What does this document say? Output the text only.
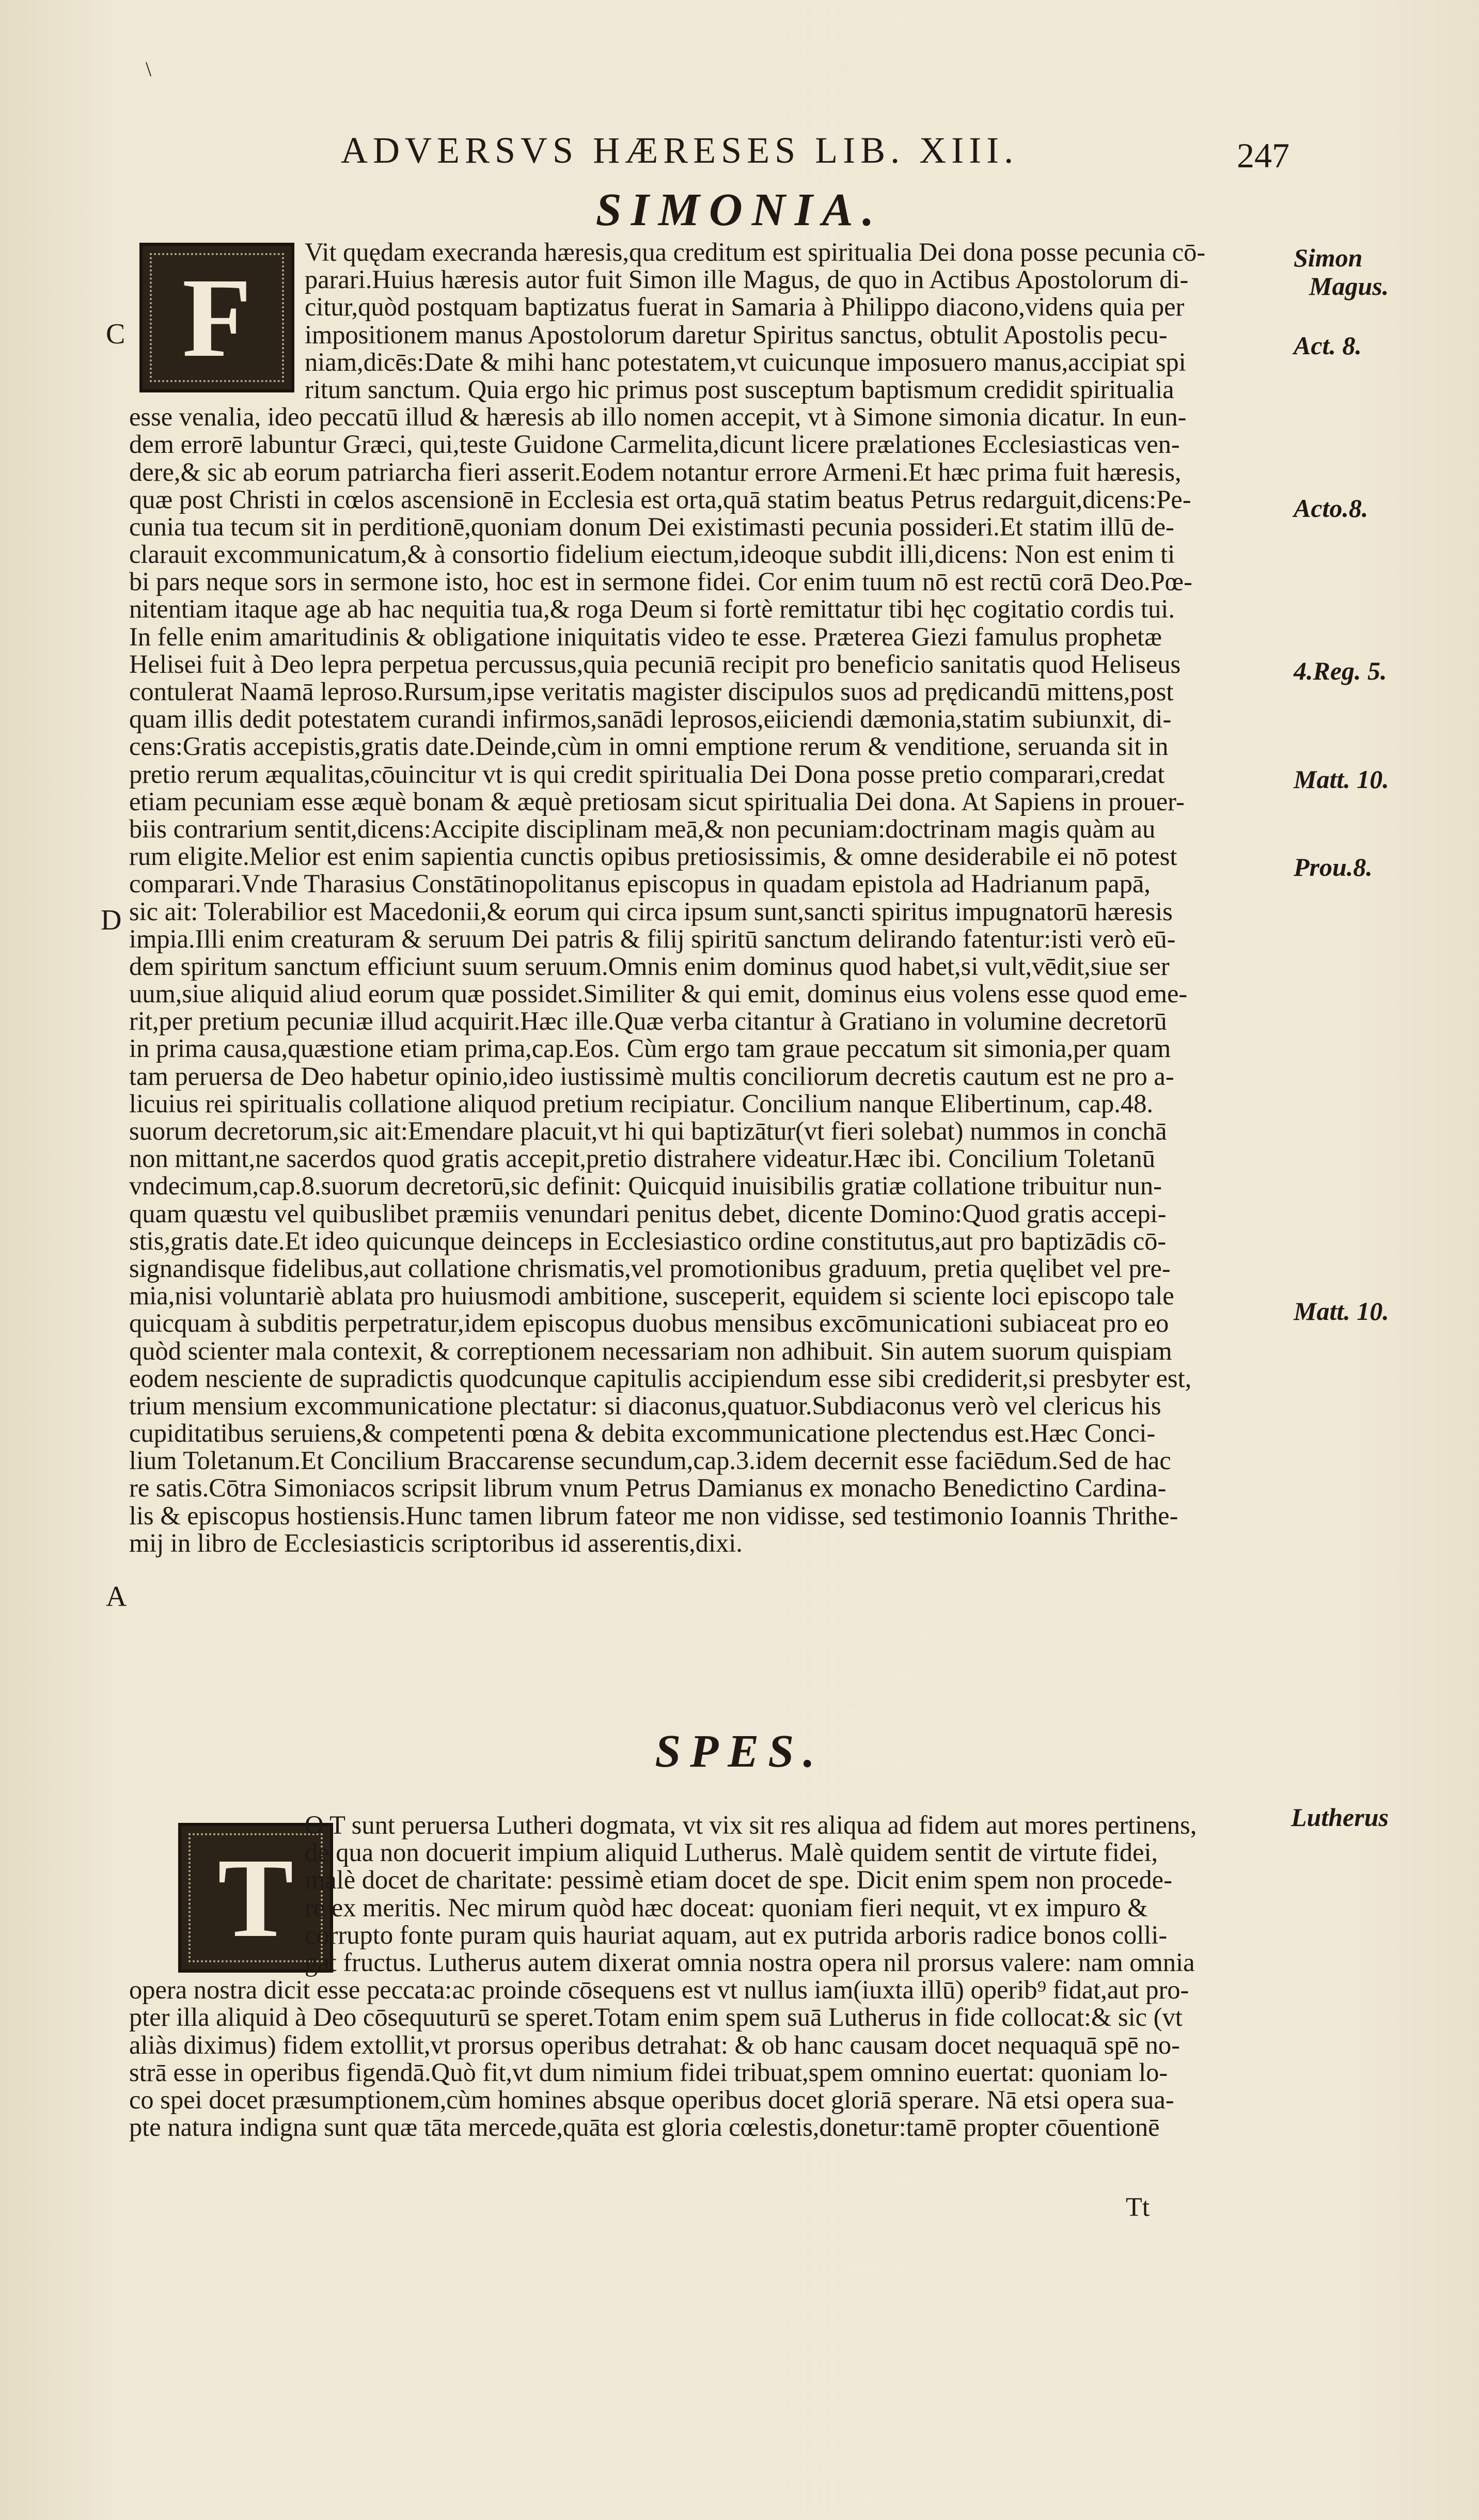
\
ADVERSVS HÆRESES LIB. XIII.	247
SIMONIA.
F
Vit quędam execranda hæresis,qua creditum est spiritualia Dei dona posse pecunia cō-
parari.Huius hæresis autor fuit Simon ille Magus, de quo in Actibus Apostolorum di-
citur,quòd postquam baptizatus fuerat in Samaria à Philippo diacono,videns quia per
impositionem manus Apostolorum daretur Spiritus sanctus, obtulit Apostolis pecu-
niam,dicēs:Date & mihi hanc potestatem,vt cuicunque imposuero manus,accipiat spi
ritum sanctum. Quia ergo hic primus post susceptum baptismum credidit spiritualia
esse venalia, ideo peccatū illud & hæresis ab illo nomen accepit, vt à Simone simonia dicatur. In eun-
dem errorē labuntur Græci, qui,teste Guidone Carmelita,dicunt licere prælationes Ecclesiasticas ven-
dere,& sic ab eorum patriarcha fieri asserit.Eodem notantur errore Armeni.Et hæc prima fuit hæresis,
quæ post Christi in cœlos ascensionē in Ecclesia est orta,quā statim beatus Petrus redarguit,dicens:Pe-
cunia tua tecum sit in perditionē,quoniam donum Dei existimasti pecunia possideri.Et statim illū de-
clarauit excommunicatum,& à consortio fidelium eiectum,ideoque subdit illi,dicens: Non est enim ti
bi pars neque sors in sermone isto, hoc est in sermone fidei. Cor enim tuum nō est rectū corā Deo.Pœ-
nitentiam itaque age ab hac nequitia tua,& roga Deum si fortè remittatur tibi hęc cogitatio cordis tui.
In felle enim amaritudinis & obligatione iniquitatis video te esse. Præterea Giezi famulus prophetæ
Helisei fuit à Deo lepra perpetua percussus,quia pecuniā recipit pro beneficio sanitatis quod Heliseus
contulerat Naamā leproso.Rursum,ipse veritatis magister discipulos suos ad prędicandū mittens,post
quam illis dedit potestatem curandi infirmos,sanādi leprosos,eiiciendi dæmonia,statim subiunxit, di-
cens:Gratis accepistis,gratis date.Deinde,cùm in omni emptione rerum & venditione, seruanda sit in
pretio rerum æqualitas,cōuincitur vt is qui credit spiritualia Dei Dona posse pretio comparari,credat
etiam pecuniam esse æquè bonam & æquè pretiosam sicut spiritualia Dei dona. At Sapiens in prouer-
biis contrarium sentit,dicens:Accipite disciplinam meā,& non pecuniam:doctrinam magis quàm au
rum eligite.Melior est enim sapientia cunctis opibus pretiosissimis, & omne desiderabile ei nō potest
comparari.Vnde Tharasius Constātinopolitanus episcopus in quadam epistola ad Hadrianum papā,
sic ait: Tolerabilior est Macedonii,& eorum qui circa ipsum sunt,sancti spiritus impugnatorū hæresis
impia.Illi enim creaturam & seruum Dei patris & filij spiritū sanctum delirando fatentur:isti verò eū-
dem spiritum sanctum efficiunt suum seruum.Omnis enim dominus quod habet,si vult,vēdit,siue ser
uum,siue aliquid aliud eorum quæ possidet.Similiter & qui emit, dominus eius volens esse quod eme-
rit,per pretium pecuniæ illud acquirit.Hæc ille.Quæ verba citantur à Gratiano in volumine decretorū
in prima causa,quæstione etiam prima,cap.Eos. Cùm ergo tam graue peccatum sit simonia,per quam
tam peruersa de Deo habetur opinio,ideo iustissimè multis conciliorum decretis cautum est ne pro a-
licuius rei spiritualis collatione aliquod pretium recipiatur. Concilium nanque Elibertinum, cap.48.
suorum decretorum,sic ait:Emendare placuit,vt hi qui baptizātur(vt fieri solebat) nummos in conchā
non mittant,ne sacerdos quod gratis accepit,pretio distrahere videatur.Hæc ibi. Concilium Toletanū
vndecimum,cap.8.suorum decretorū,sic definit: Quicquid inuisibilis gratiæ collatione tribuitur nun-
quam quæstu vel quibuslibet præmiis venundari penitus debet, dicente Domino:Quod gratis accepi-
stis,gratis date.Et ideo quicunque deinceps in Ecclesiastico ordine constitutus,aut pro baptizādis cō-
signandisque fidelibus,aut collatione chrismatis,vel promotionibus graduum, pretia quęlibet vel pre-
mia,nisi voluntariè ablata pro huiusmodi ambitione, susceperit, equidem si sciente loci episcopo tale
quicquam à subditis perpetratur,idem episcopus duobus mensibus excōmunicationi subiaceat pro eo
quòd scienter mala contexit, & correptionem necessariam non adhibuit. Sin autem suorum quispiam
eodem nesciente de supradictis quodcunque capitulis accipiendum esse sibi crediderit,si presbyter est,
trium mensium excommunicatione plectatur: si diaconus,quatuor.Subdiaconus verò vel clericus his
cupiditatibus seruiens,& competenti pœna & debita excommunicatione plectendus est.Hæc Conci-
lium Toletanum.Et Concilium Braccarense secundum,cap.3.idem decernit esse faciēdum.Sed de hac
re satis.Cōtra Simoniacos scripsit librum vnum Petrus Damianus ex monacho Benedictino Cardina-
lis & episcopus hostiensis.Hunc tamen librum fateor me non vidisse, sed testimonio Ioannis Thrithe-
mij in libro de Ecclesiasticis scriptoribus id asserentis,dixi.
SPES.
T
O T sunt peruersa Lutheri dogmata, vt vix sit res aliqua ad fidem aut mores pertinens,
de qua non docuerit impium aliquid Lutherus. Malè quidem sentit de virtute fidei,
malè docet de charitate: pessimè etiam docet de spe. Dicit enim spem non procede-
re ex meritis. Nec mirum quòd hæc doceat: quoniam fieri nequit, vt ex impuro &
corrupto fonte puram quis hauriat aquam, aut ex putrida arboris radice bonos colli-
gat fructus. Lutherus autem dixerat omnia nostra opera nil prorsus valere: nam omnia
opera nostra dicit esse peccata:ac proinde cōsequens est vt nullus iam(iuxta illū) operib⁹ fidat,aut pro-
pter illa aliquid à Deo cōsequuturū se speret.Totam enim spem suā Lutherus in fide collocat:& sic (vt
aliàs diximus) fidem extollit,vt prorsus operibus detrahat: & ob hanc causam docet nequaquā spē no-
strā esse in operibus figendā.Quò fit,vt dum nimium fidei tribuat,spem omnino euertat: quoniam lo-
co spei docet præsumptionem,cùm homines absque operibus docet gloriā sperare. Nā etsi opera sua-
pte natura indigna sunt quæ tāta mercede,quāta est gloria cœlestis,donetur:tamē propter cōuentionē
Tt
Simon
Magus.
Act. 8.
Acto.8.
4.Reg. 5.
Matt. 10.
Prou.8.
Matt. 10.
Lutherus
C
D
A
